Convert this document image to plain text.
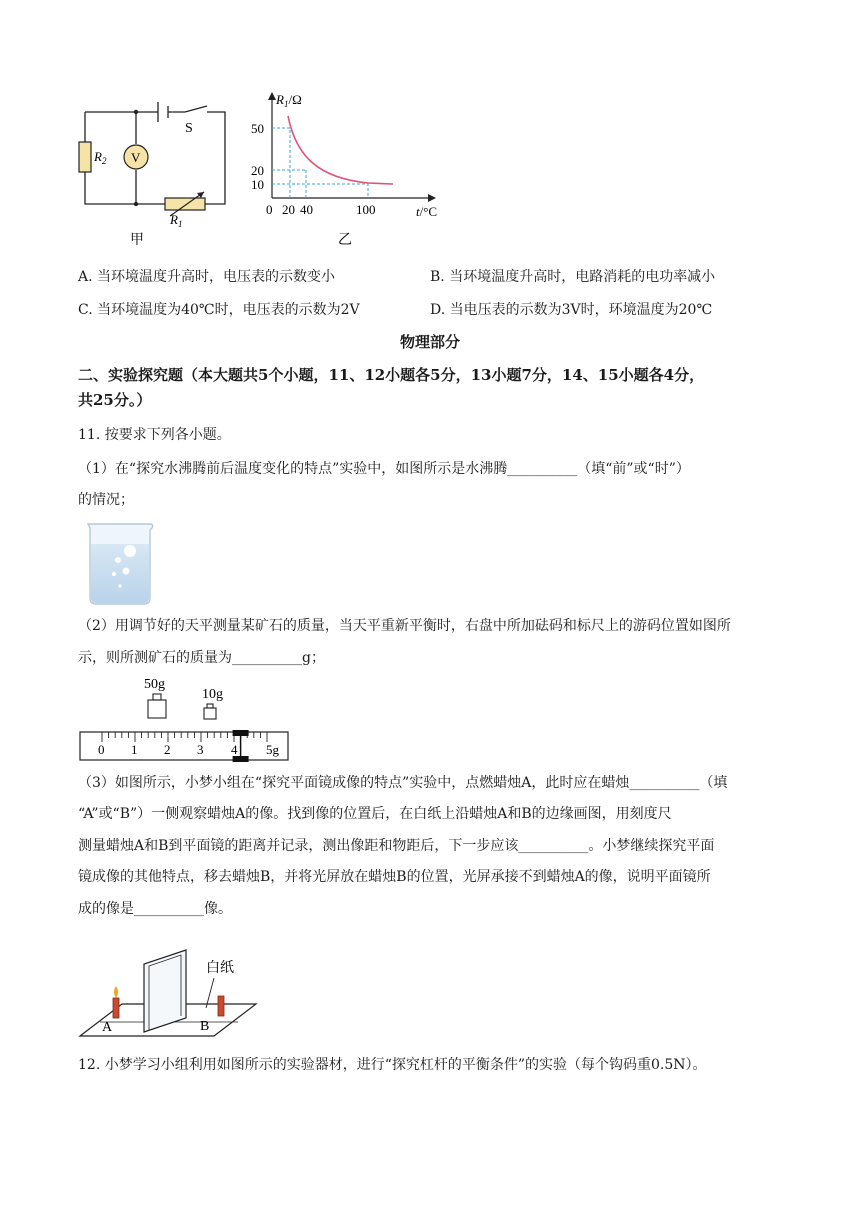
$R_2$ V
S
$R_1$
甲
$R_1/\Omega$
50
20
10
0 20 40	100	t/°C
乙
A. 当环境温度升高时，电压表的示数变小	B. 当环境温度升高时，电路消耗的电功率减小
C. 当环境温度为40℃时，电压表的示数为2V	D. 当电压表的示数为3V时，环境温度为20℃
物理部分
二、实验探究题（本大题共5个小题，11、12小题各5分，13小题7分，14、15小题各4分，
共25分。）
11. 按要求下列各小题。
（1）在“探究水沸腾前后温度变化的特点”实验中，如图所示是水沸腾__________（填“前”或“时”）
的情况；
（2）用调节好的天平测量某矿石的质量，当天平重新平衡时，右盘中所加砝码和标尺上的游码位置如图所
示，则所测矿石的质量为__________g；
50g
10g
0 1 2 3 4 5g
（3）如图所示，小梦小组在“探究平面镜成像的特点”实验中，点燃蜡烛A，此时应在蜡烛__________（填
“A”或“B”）一侧观察蜡烛A的像。找到像的位置后，在白纸上沿蜡烛A和B的边缘画图，用刻度尺
测量蜡烛A和B到平面镜的距离并记录，测出像距和物距后，下一步应该__________。小梦继续探究平面
镜成像的其他特点，移去蜡烛B，并将光屏放在蜡烛B的位置，光屏承接不到蜡烛A的像，说明平面镜所
成的像是__________像。
白纸
A	B
12. 小梦学习小组利用如图所示的实验器材，进行“探究杠杆的平衡条件”的实验（每个钩码重0.5N）。
